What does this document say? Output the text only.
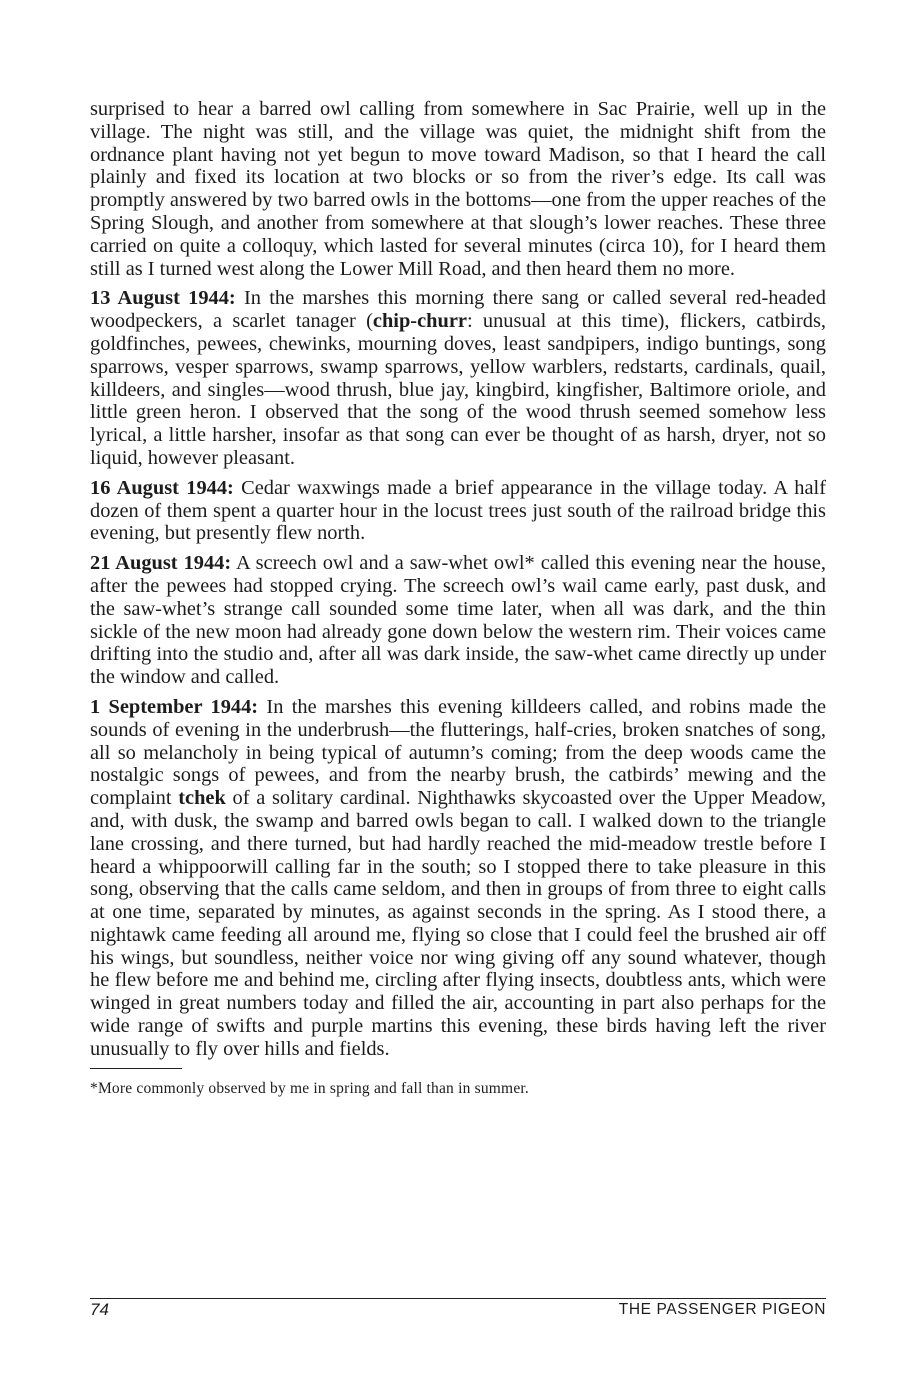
surprised to hear a barred owl calling from somewhere in Sac Prairie, well up in the village. The night was still, and the village was quiet, the midnight shift from the ordnance plant having not yet begun to move toward Madison, so that I heard the call plainly and fixed its location at two blocks or so from the river’s edge. Its call was promptly answered by two barred owls in the bottoms—one from the upper reaches of the Spring Slough, and another from somewhere at that slough’s lower reaches. These three carried on quite a colloquy, which lasted for several minutes (circa 10), for I heard them still as I turned west along the Lower Mill Road, and then heard them no more.

13 August 1944: In the marshes this morning there sang or called several red-headed woodpeckers, a scarlet tanager (chip-churr: unusual at this time), flickers, catbirds, goldfinches, pewees, chewinks, mourning doves, least sandpipers, indigo buntings, song sparrows, vesper sparrows, swamp sparrows, yellow warblers, redstarts, cardinals, quail, killdeers, and singles—wood thrush, blue jay, kingbird, kingfisher, Baltimore oriole, and little green heron. I observed that the song of the wood thrush seemed somehow less lyrical, a little harsher, insofar as that song can ever be thought of as harsh, dryer, not so liquid, however pleasant.

16 August 1944: Cedar waxwings made a brief appearance in the village today. A half dozen of them spent a quarter hour in the locust trees just south of the railroad bridge this evening, but presently flew north.

21 August 1944: A screech owl and a saw-whet owl* called this evening near the house, after the pewees had stopped crying. The screech owl’s wail came early, past dusk, and the saw-whet’s strange call sounded some time later, when all was dark, and the thin sickle of the new moon had already gone down below the western rim. Their voices came drifting into the studio and, after all was dark inside, the saw-whet came directly up under the window and called.

1 September 1944: In the marshes this evening killdeers called, and robins made the sounds of evening in the underbrush—the flutterings, half-cries, broken snatches of song, all so melancholy in being typical of autumn’s coming; from the deep woods came the nostalgic songs of pewees, and from the nearby brush, the catbirds’ mewing and the complaint tchek of a solitary cardinal. Nighthawks skycoasted over the Upper Meadow, and, with dusk, the swamp and barred owls began to call. I walked down to the triangle lane crossing, and there turned, but had hardly reached the mid-meadow trestle before I heard a whippoorwill calling far in the south; so I stopped there to take pleasure in this song, observing that the calls came seldom, and then in groups of from three to eight calls at one time, separated by minutes, as against seconds in the spring. As I stood there, a nightawk came feeding all around me, flying so close that I could feel the brushed air off his wings, but soundless, neither voice nor wing giving off any sound whatever, though he flew before me and behind me, circling after flying insects, doubtless ants, which were winged in great numbers today and filled the air, accounting in part also perhaps for the wide range of swifts and purple martins this evening, these birds having left the river unusually to fly over hills and fields.

*More commonly observed by me in spring and fall than in summer.

74	THE PASSENGER PIGEON
